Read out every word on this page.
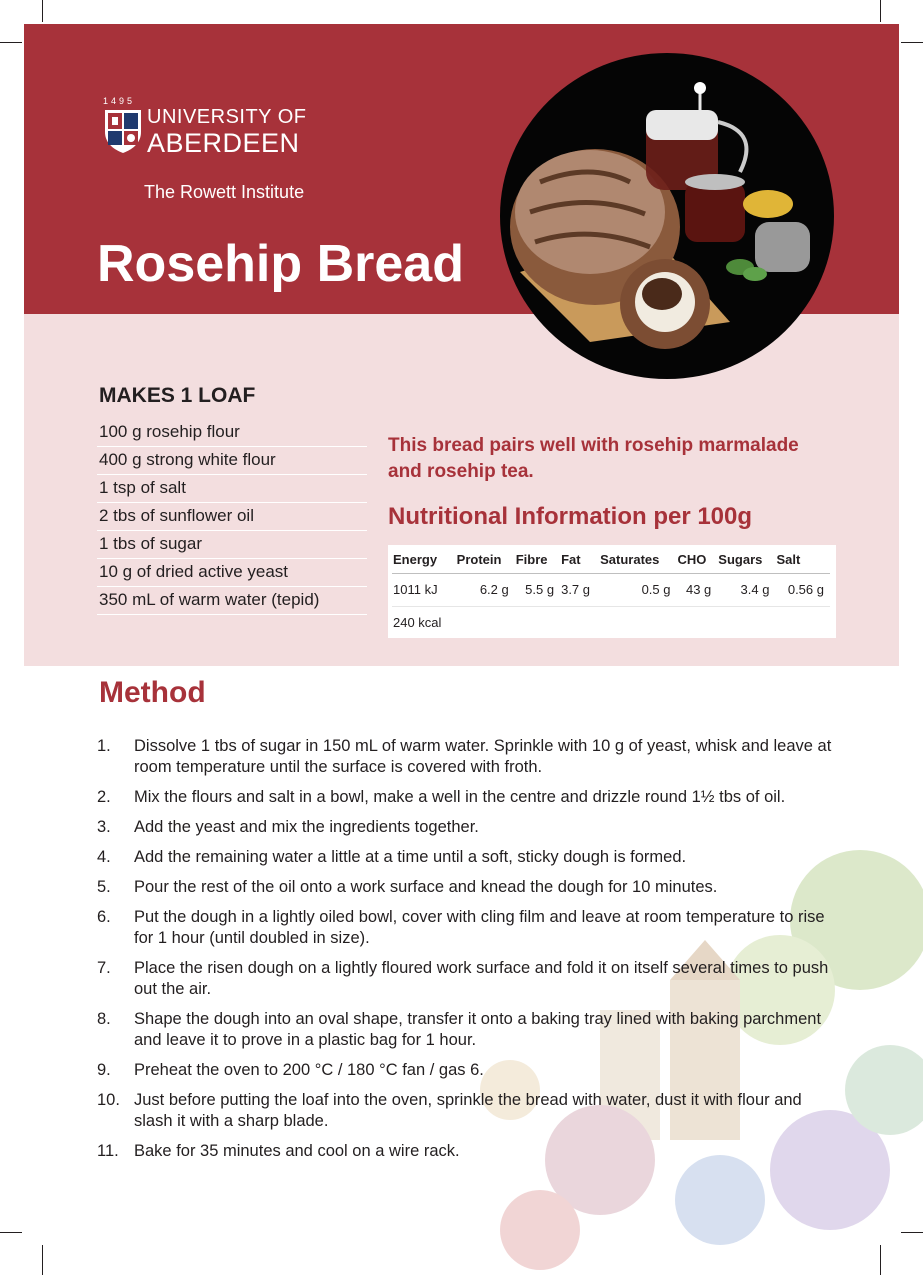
1495
UNIVERSITY OF
ABERDEEN
The Rowett Institute
Rosehip Bread
MAKES 1 LOAF
100 g rosehip flour
400 g strong white flour
1 tsp of salt
2 tbs of sunflower oil
1 tbs of sugar
10 g of dried active yeast
350 mL of warm water (tepid)

This bread pairs well with rosehip marmalade and rosehip tea.

Nutritional Information per 100g
Energy	Protein	Fibre	Fat	Saturates	CHO	Sugars	Salt
1011 kJ	6.2 g	5.5 g	3.7 g	0.5 g	43 g	3.4 g	0.56 g
240 kcal							
Method
1. Dissolve 1 tbs of sugar in 150 mL of warm water. Sprinkle with 10 g of yeast, whisk and leave at room temperature until the surface is covered with froth.
2. Mix the flours and salt in a bowl, make a well in the centre and drizzle round 1½ tbs of oil.
3. Add the yeast and mix the ingredients together.
4. Add the remaining water a little at a time until a soft, sticky dough is formed.
5. Pour the rest of the oil onto a work surface and knead the dough for 10 minutes.
6. Put the dough in a lightly oiled bowl, cover with cling film and leave at room temperature to rise for 1 hour (until doubled in size).
7. Place the risen dough on a lightly floured work surface and fold it on itself several times to push out the air.
8. Shape the dough into an oval shape, transfer it onto a baking tray lined with baking parchment and leave it to prove in a plastic bag for 1 hour.
9. Preheat the oven to 200 °C / 180 °C fan / gas 6.
10. Just before putting the loaf into the oven, sprinkle the bread with water, dust it with flour and slash it with a sharp blade.
11. Bake for 35 minutes and cool on a wire rack.
